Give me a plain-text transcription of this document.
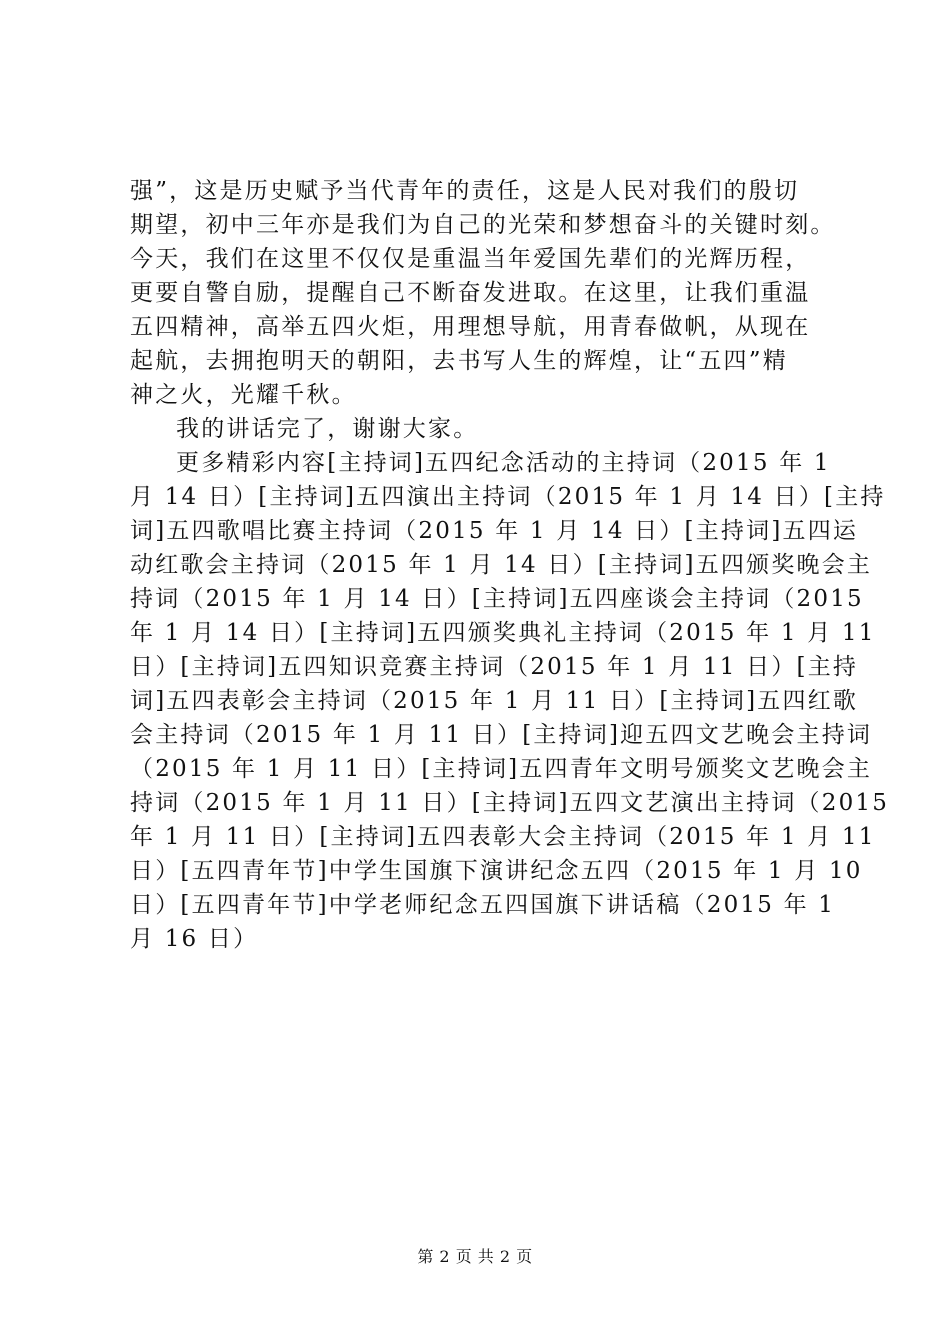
强”，这是历史赋予当代青年的责任，这是人民对我们的殷切
期望，初中三年亦是我们为自己的光荣和梦想奋斗的关键时刻。
今天，我们在这里不仅仅是重温当年爱国先辈们的光辉历程，
更要自警自励，提醒自己不断奋发进取。在这里，让我们重温
五四精神，高举五四火炬，用理想导航，用青春做帆，从现在
起航，去拥抱明天的朝阳，去书写人生的辉煌，让“五四”精
神之火，光耀千秋。
我的讲话完了，谢谢大家。
更多精彩内容[主持词]五四纪念活动的主持词（2015 年 1
月 14 日）[主持词]五四演出主持词（2015 年 1 月 14 日）[主持
词]五四歌唱比赛主持词（2015 年 1 月 14 日）[主持词]五四运
动红歌会主持词（2015 年 1 月 14 日）[主持词]五四颁奖晚会主
持词（2015 年 1 月 14 日）[主持词]五四座谈会主持词（2015
年 1 月 14 日）[主持词]五四颁奖典礼主持词（2015 年 1 月 11
日）[主持词]五四知识竞赛主持词（2015 年 1 月 11 日）[主持
词]五四表彰会主持词（2015 年 1 月 11 日）[主持词]五四红歌
会主持词（2015 年 1 月 11 日）[主持词]迎五四文艺晚会主持词
（2015 年 1 月 11 日）[主持词]五四青年文明号颁奖文艺晚会主
持词（2015 年 1 月 11 日）[主持词]五四文艺演出主持词（2015
年 1 月 11 日）[主持词]五四表彰大会主持词（2015 年 1 月 11
日）[五四青年节]中学生国旗下演讲纪念五四（2015 年 1 月 10
日）[五四青年节]中学老师纪念五四国旗下讲话稿（2015 年 1
月 16 日）
第 2 页 共 2 页
